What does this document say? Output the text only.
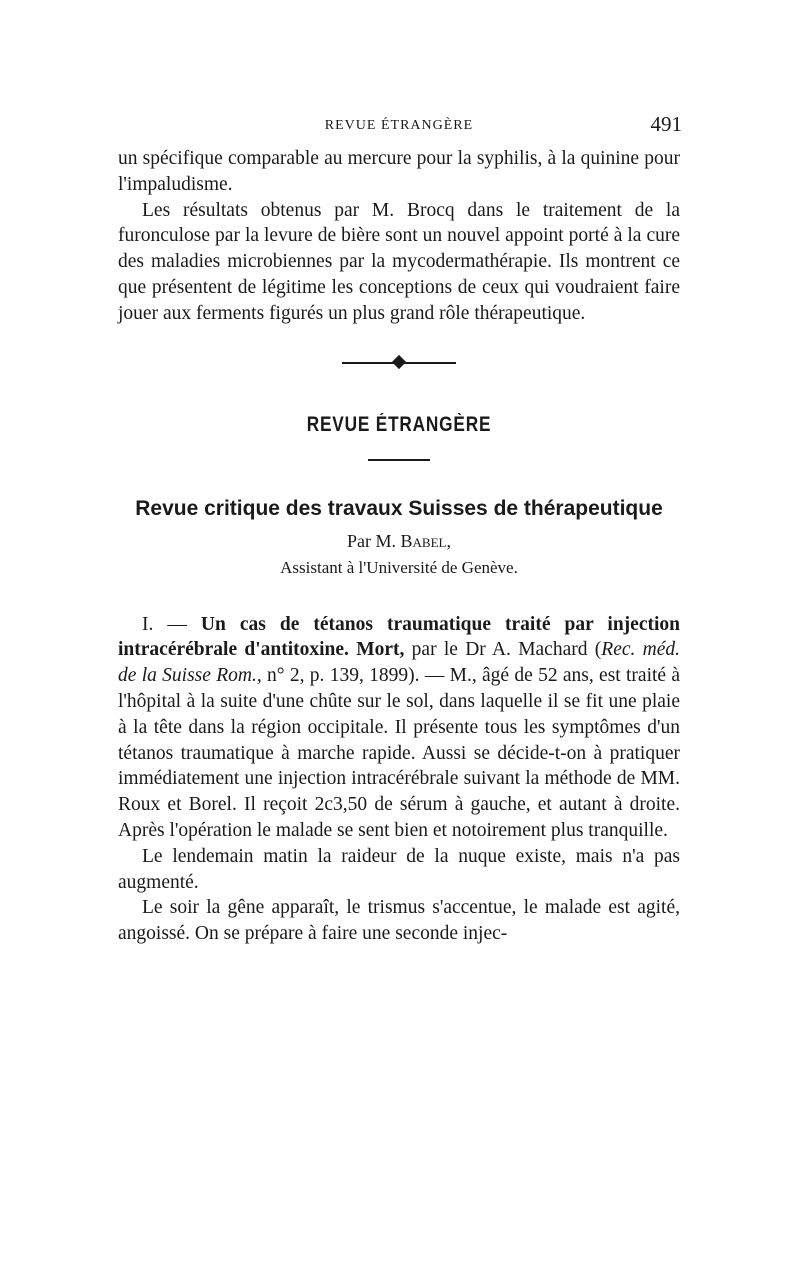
REVUE ÉTRANGÈRE	491

un spécifique comparable au mercure pour la syphilis, à la quinine pour l'impaludisme.

Les résultats obtenus par M. Brocq dans le traitement de la furonculose par la levure de bière sont un nouvel appoint porté à la cure des maladies microbiennes par la mycodermathérapie. Ils montrent ce que présentent de légitime les conceptions de ceux qui voudraient faire jouer aux ferments figurés un plus grand rôle thérapeutique.

REVUE ÉTRANGÈRE
Revue critique des travaux Suisses de thérapeutique
Par M. Babel,
Assistant à l'Université de Genève.

I. — Un cas de tétanos traumatique traité par injection intracérébrale d'antitoxine. Mort, par le Dr A. Machard (Rec. méd. de la Suisse Rom., n° 2, p. 139, 1899). — M., âgé de 52 ans, est traité à l'hôpital à la suite d'une chûte sur le sol, dans laquelle il se fit une plaie à la tête dans la région occipitale. Il présente tous les symptômes d'un tétanos traumatique à marche rapide. Aussi se décide-t-on à pratiquer immédiatement une injection intracérébrale suivant la méthode de MM. Roux et Borel. Il reçoit 2c3,50 de sérum à gauche, et autant à droite. Après l'opération le malade se sent bien et notoirement plus tranquille.

Le lendemain matin la raideur de la nuque existe, mais n'a pas augmenté.

Le soir la gêne apparaît, le trismus s'accentue, le malade est agité, angoissé. On se prépare à faire une seconde injec-
